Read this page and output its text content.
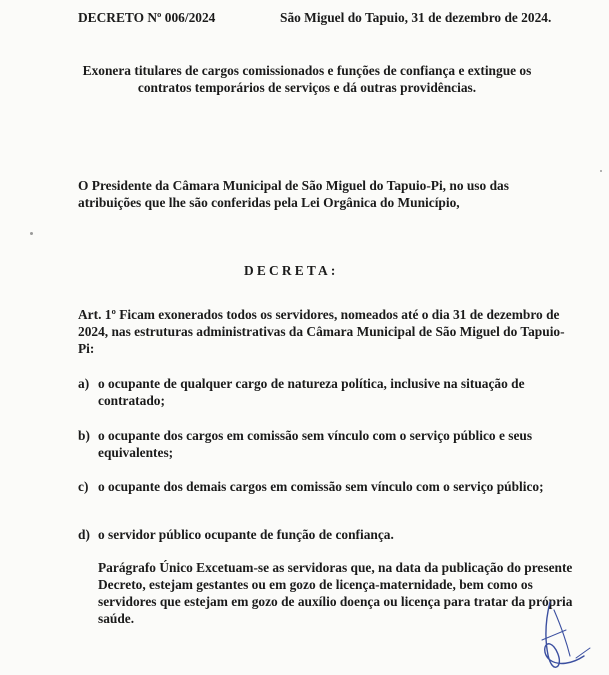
DECRETO Nº 006/2024	São Miguel do Tapuio, 31 de dezembro de 2024.
Exonera titulares de cargos comissionados e funções de confiança e extingue os contratos temporários de serviços e dá outras providências.
O Presidente da Câmara Municipal de São Miguel do Tapuio-Pi, no uso das atribuições que lhe são conferidas pela Lei Orgânica do Município,
DECRETA:
Art. 1º Ficam exonerados todos os servidores, nomeados até o dia 31 de dezembro de 2024, nas estruturas administrativas da Câmara Municipal de São Miguel do Tapuio-Pi:
a) o ocupante de qualquer cargo de natureza política, inclusive na situação de contratado;
b) o ocupante dos cargos em comissão sem vínculo com o serviço público e seus equivalentes;
c) o ocupante dos demais cargos em comissão sem vínculo com o serviço público;
d) o servidor público ocupante de função de confiança.
Parágrafo Único Excetuam-se as servidoras que, na data da publicação do presente Decreto, estejam gestantes ou em gozo de licença-maternidade, bem como os servidores que estejam em gozo de auxílio doença ou licença para tratar da própria saúde.
